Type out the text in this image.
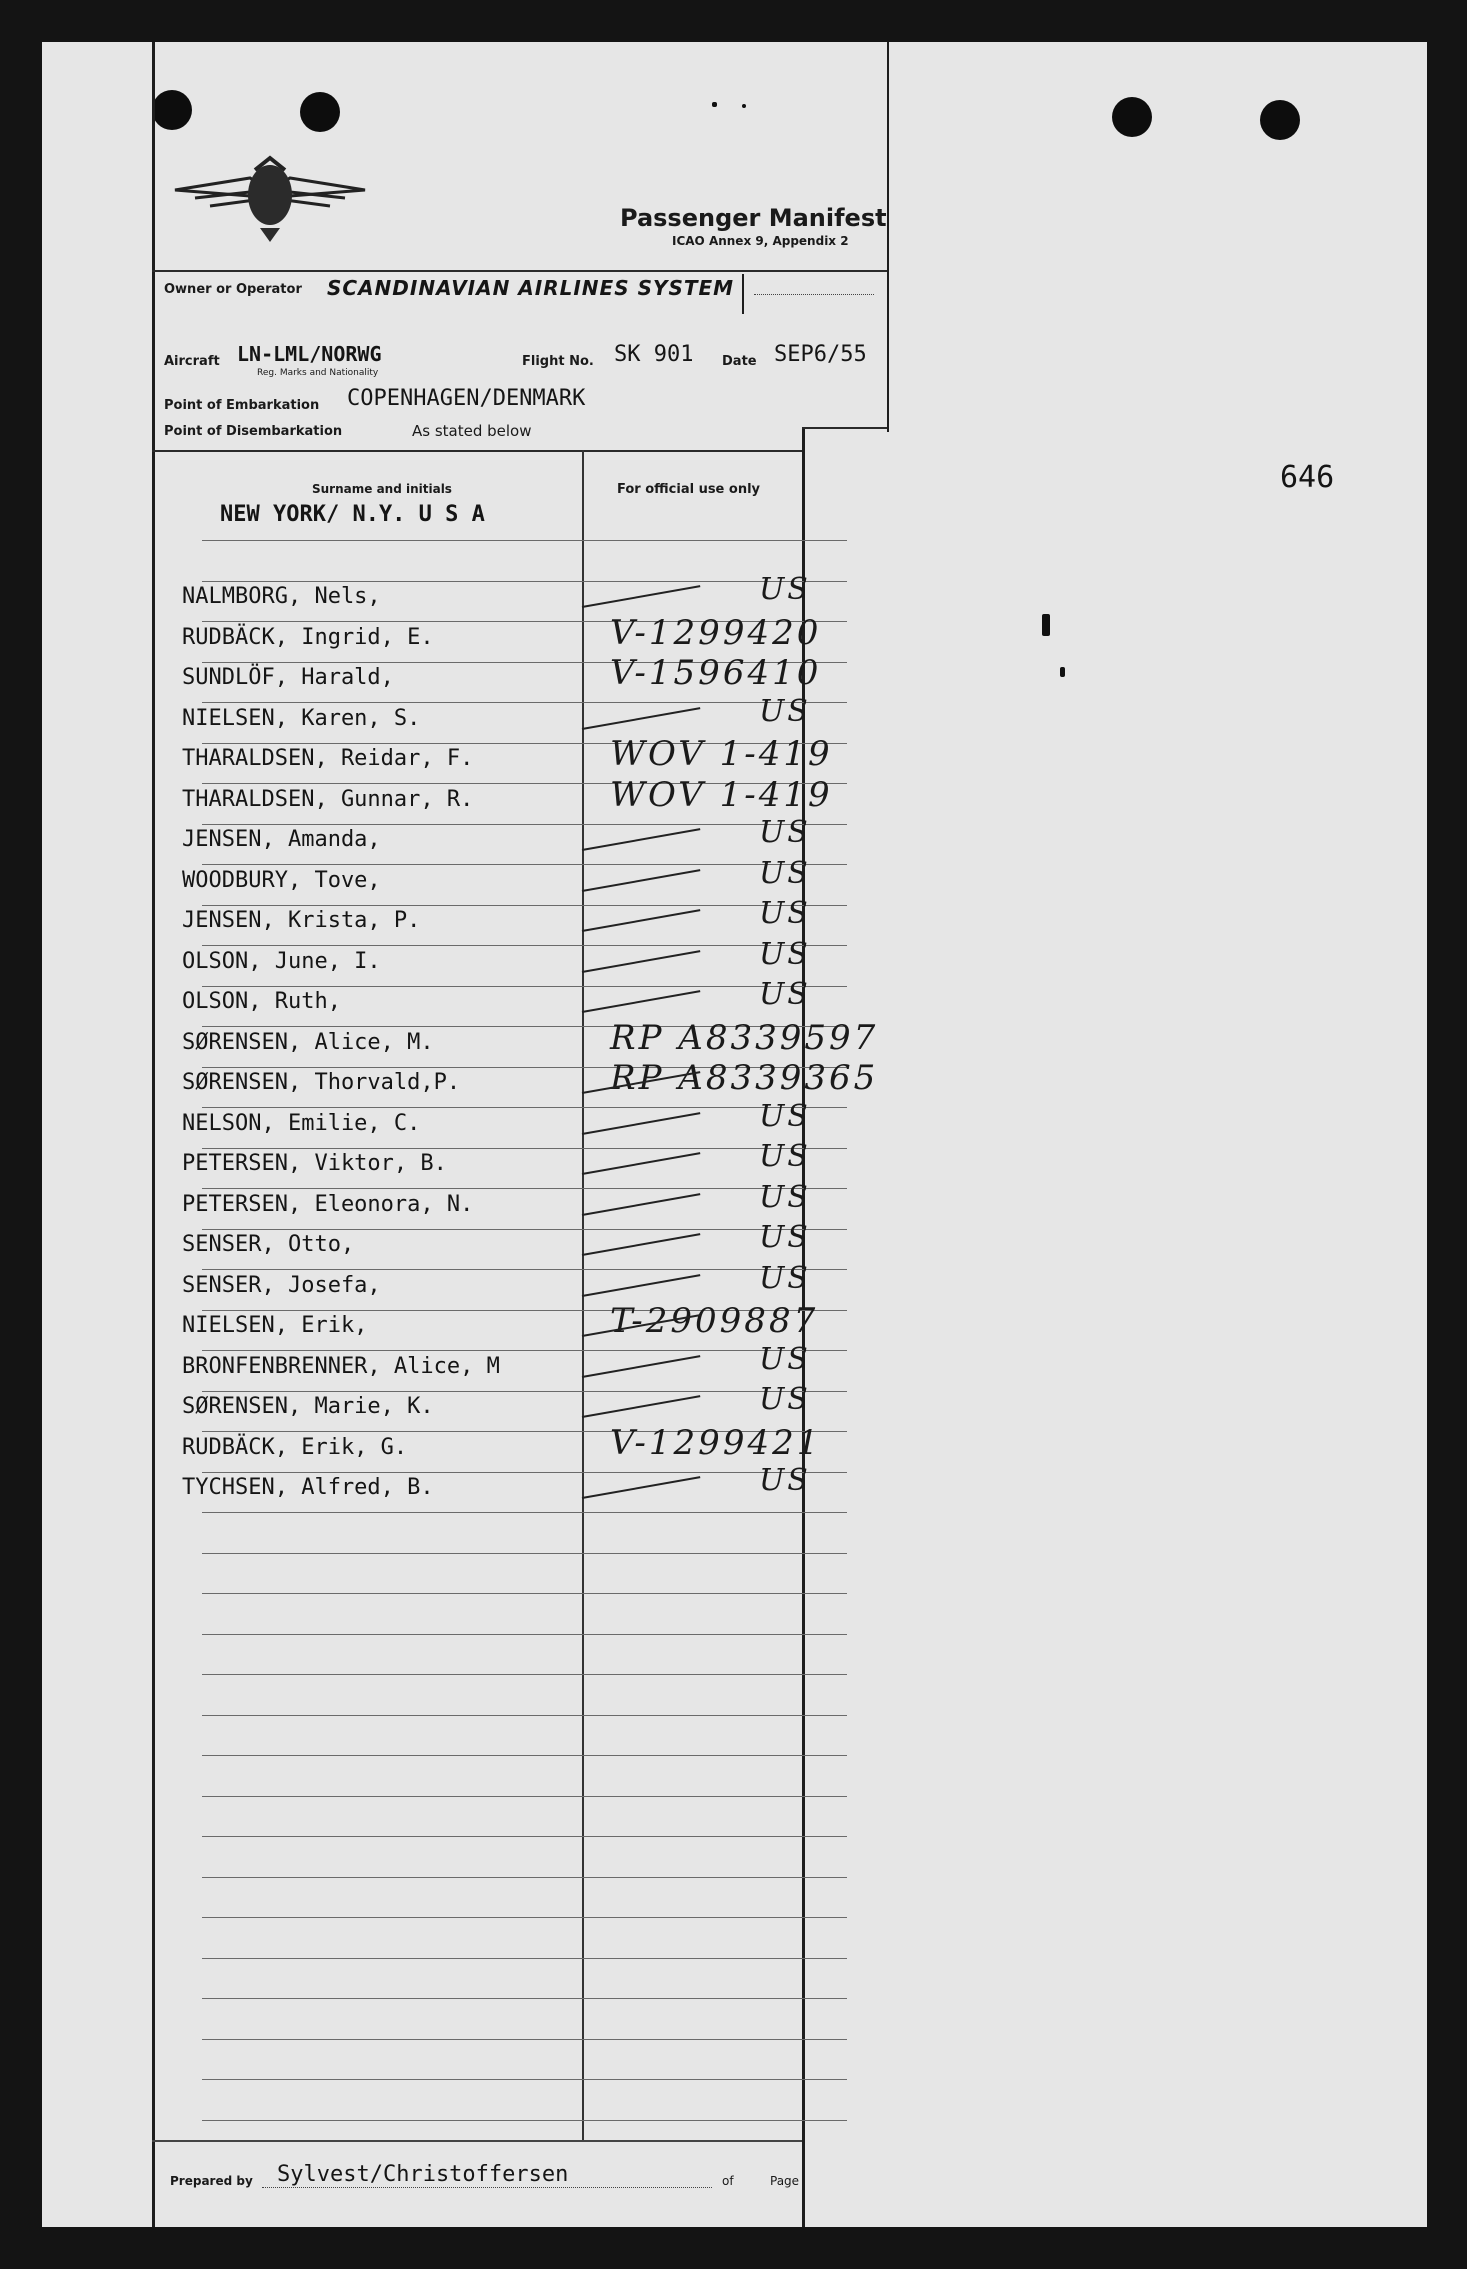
Passenger Manifest
ICAO Annex 9, Appendix 2
Owner or Operator SCANDINAVIAN AIRLINES SYSTEM
Aircraft LN-LML/NORWG
Reg. Marks and Nationality
Flight No. SK 901 Date SEP6/55
Point of Embarkation COPENHAGEN/DENMARK
Point of Disembarkation	As stated below
646
Surname and initials	For official use only
NEW YORK/ N.Y. U S A
NALMBORG, Nels,	US
RUDBÄCK, Ingrid, E.	V-1299420
SUNDLÖF, Harald,	V-1596410
NIELSEN, Karen, S.	US
THARALDSEN, Reidar, F.	WOV 1-419
THARALDSEN, Gunnar, R.	WOV 1-419
JENSEN, Amanda,	US
WOODBURY, Tove,	US
JENSEN, Krista, P.	US
OLSON, June, I.	US
OLSON, Ruth,	US
SØRENSEN, Alice, M.	RP A8339597
SØRENSEN, Thorvald,P.	RP A8339365
NELSON, Emilie, C.	US
PETERSEN, Viktor, B.	US
PETERSEN, Eleonora, N.	US
SENSER, Otto,	US
SENSER, Josefa,	US
NIELSEN, Erik,	T-2909887
BRONFENBRENNER, Alice, M	US
SØRENSEN, Marie, K.	US
RUDBÄCK, Erik, G.	V-1299421
TYCHSEN, Alfred, B.	US
Prepared by Sylvest/Christoffersen	of	Page
